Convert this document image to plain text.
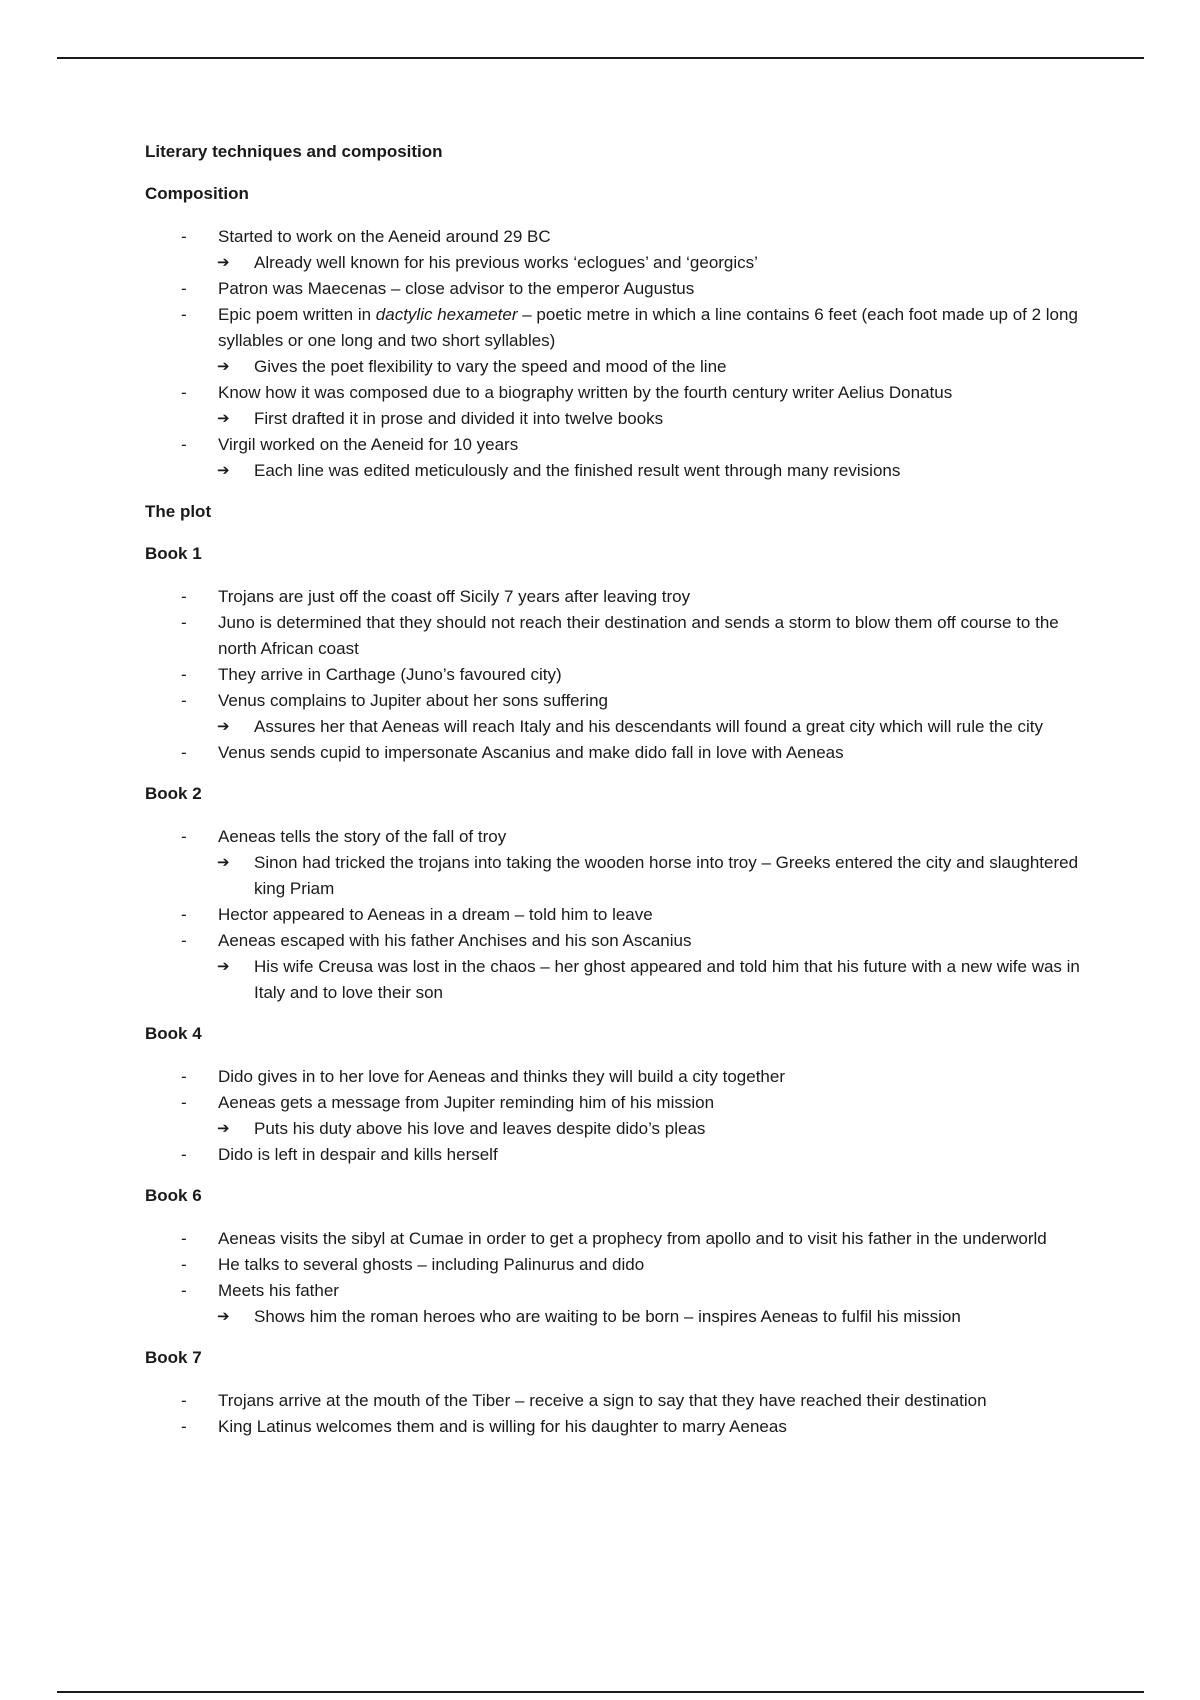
Literary techniques and composition
Composition
- Started to work on the Aeneid around 29 BC
➔ Already well known for his previous works ‘eclogues’ and ‘georgics’
- Patron was Maecenas – close advisor to the emperor Augustus
- Epic poem written in dactylic hexameter – poetic metre in which a line contains 6 feet (each foot made up of 2 long syllables or one long and two short syllables)
➔ Gives the poet flexibility to vary the speed and mood of the line
- Know how it was composed due to a biography written by the fourth century writer Aelius Donatus
➔ First drafted it in prose and divided it into twelve books
- Virgil worked on the Aeneid for 10 years
➔ Each line was edited meticulously and the finished result went through many revisions
The plot
Book 1
- Trojans are just off the coast off Sicily 7 years after leaving troy
- Juno is determined that they should not reach their destination and sends a storm to blow them off course to the north African coast
- They arrive in Carthage (Juno’s favoured city)
- Venus complains to Jupiter about her sons suffering
➔ Assures her that Aeneas will reach Italy and his descendants will found a great city which will rule the city
- Venus sends cupid to impersonate Ascanius and make dido fall in love with Aeneas
Book 2
- Aeneas tells the story of the fall of troy
➔ Sinon had tricked the trojans into taking the wooden horse into troy – Greeks entered the city and slaughtered king Priam
- Hector appeared to Aeneas in a dream – told him to leave
- Aeneas escaped with his father Anchises and his son Ascanius
➔ His wife Creusa was lost in the chaos – her ghost appeared and told him that his future with a new wife was in Italy and to love their son
Book 4
- Dido gives in to her love for Aeneas and thinks they will build a city together
- Aeneas gets a message from Jupiter reminding him of his mission
➔ Puts his duty above his love and leaves despite dido’s pleas
- Dido is left in despair and kills herself
Book 6
- Aeneas visits the sibyl at Cumae in order to get a prophecy from apollo and to visit his father in the underworld
- He talks to several ghosts – including Palinurus and dido
- Meets his father
➔ Shows him the roman heroes who are waiting to be born – inspires Aeneas to fulfil his mission
Book 7
- Trojans arrive at the mouth of the Tiber – receive a sign to say that they have reached their destination
- King Latinus welcomes them and is willing for his daughter to marry Aeneas
